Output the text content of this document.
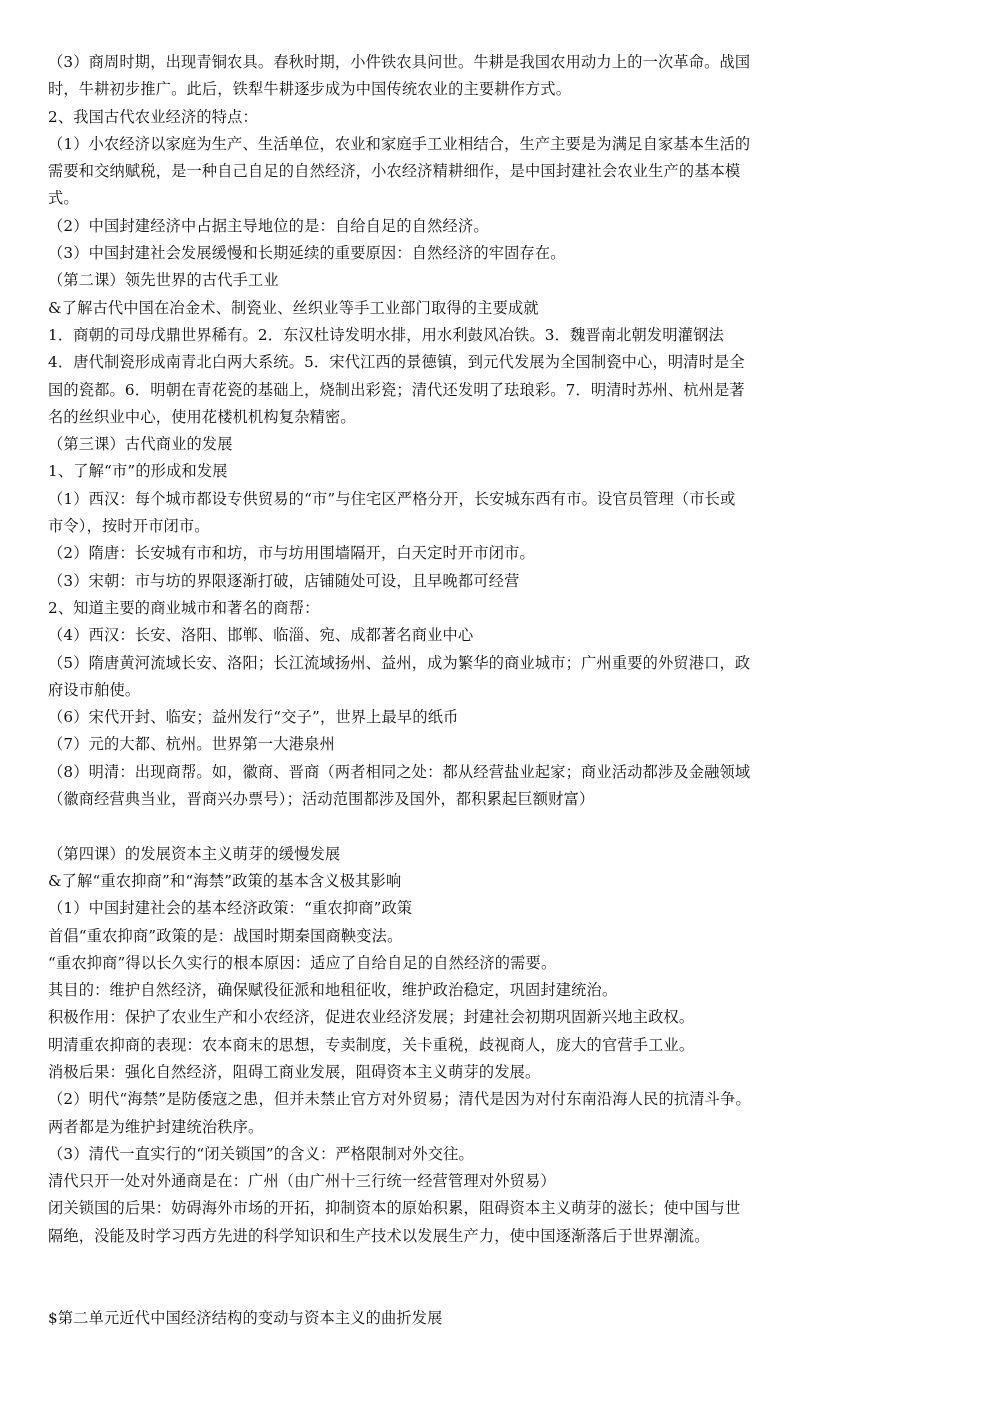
（3）商周时期，出现青铜农具。春秋时期，小件铁农具问世。牛耕是我国农用动力上的一次革命。战国
时，牛耕初步推广。此后，铁犁牛耕逐步成为中国传统农业的主要耕作方式。
2、我国古代农业经济的特点：
（1）小农经济以家庭为生产、生活单位，农业和家庭手工业相结合，生产主要是为满足自家基本生活的
需要和交纳赋税，是一种自己自足的自然经济，小农经济精耕细作，是中国封建社会农业生产的基本模
式。
（2）中国封建经济中占据主导地位的是：自给自足的自然经济。
（3）中国封建社会发展缓慢和长期延续的重要原因：自然经济的牢固存在。
（第二课）领先世界的古代手工业
&了解古代中国在冶金术、制瓷业、丝织业等手工业部门取得的主要成就
1．商朝的司母戊鼎世界稀有。2．东汉杜诗发明水排，用水利鼓风冶铁。3．魏晋南北朝发明灌钢法
4．唐代制瓷形成南青北白两大系统。5．宋代江西的景德镇，到元代发展为全国制瓷中心，明清时是全
国的瓷都。6．明朝在青花瓷的基础上，烧制出彩瓷；清代还发明了珐琅彩。7．明清时苏州、杭州是著
名的丝织业中心，使用花楼机机构复杂精密。
（第三课）古代商业的发展
1、了解“市”的形成和发展
（1）西汉：每个城市都设专供贸易的“市”与住宅区严格分开，长安城东西有市。设官员管理（市长或
市令），按时开市闭市。
（2）隋唐：长安城有市和坊，市与坊用围墙隔开，白天定时开市闭市。
（3）宋朝：市与坊的界限逐渐打破，店铺随处可设，且早晚都可经营
2、知道主要的商业城市和著名的商帮：
（4）西汉：长安、洛阳、邯郸、临淄、宛、成都著名商业中心
（5）隋唐黄河流域长安、洛阳；长江流域扬州、益州，成为繁华的商业城市；广州重要的外贸港口，政
府设市舶使。
（6）宋代开封、临安；益州发行“交子”，世界上最早的纸币
（7）元的大都、杭州。世界第一大港泉州
（8）明清：出现商帮。如，徽商、晋商（两者相同之处：都从经营盐业起家；商业活动都涉及金融领域
（徽商经营典当业，晋商兴办票号）；活动范围都涉及国外，都积累起巨额财富）
（第四课）的发展资本主义萌芽的缓慢发展
&了解“重农抑商”和“海禁”政策的基本含义极其影响
（1）中国封建社会的基本经济政策：“重农抑商”政策
首倡“重农抑商”政策的是：战国时期秦国商鞅变法。
“重农抑商”得以长久实行的根本原因：适应了自给自足的自然经济的需要。
其目的：维护自然经济，确保赋役征派和地租征收，维护政治稳定，巩固封建统治。
积极作用：保护了农业生产和小农经济，促进农业经济发展；封建社会初期巩固新兴地主政权。
明清重农抑商的表现：农本商末的思想，专卖制度，关卡重税，歧视商人，庞大的官营手工业。
消极后果：强化自然经济，阻碍工商业发展，阻碍资本主义萌芽的发展。
（2）明代“海禁”是防倭寇之患，但并未禁止官方对外贸易；清代是因为对付东南沿海人民的抗清斗争。
两者都是为维护封建统治秩序。
（3）清代一直实行的“闭关锁国”的含义：严格限制对外交往。
清代只开一处对外通商是在：广州（由广州十三行统一经营管理对外贸易）
闭关锁国的后果：妨碍海外市场的开拓，抑制资本的原始积累，阻碍资本主义萌芽的滋长；使中国与世
隔绝，没能及时学习西方先进的科学知识和生产技术以发展生产力，使中国逐渐落后于世界潮流。
$第二单元近代中国经济结构的变动与资本主义的曲折发展
